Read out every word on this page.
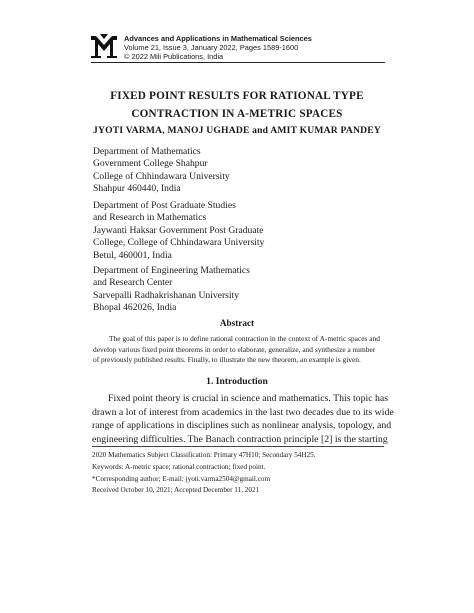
Advances and Applications in Mathematical Sciences
Volume 21, Issue 3, January 2022, Pages 1589-1600
© 2022 Mili Publications, India
FIXED POINT RESULTS FOR RATIONAL TYPE
CONTRACTION IN A-METRIC SPACES
JYOTI VARMA, MANOJ UGHADE and AMIT KUMAR PANDEY
Department of Mathematics
Government College Shahpur
College of Chhindawara University
Shahpur 460440, India
Department of Post Graduate Studies
and Research in Mathematics
Jaywanti Haksar Government Post Graduate
College, College of Chhindawara University
Betul, 460001, India
Department of Engineering Mathematics
and Research Center
Sarvepalli Radhakrishanan University
Bhopal 462026, India
Abstract
The goal of this paper is to define rational contraction in the context of A-metric spaces and
develop various fixed point theorems in order to elaborate, generalize, and synthesize a number
of previously published results. Finally, to illustrate the new theorem, an example is given.
1. Introduction
Fixed point theory is crucial in science and mathematics. This topic has
drawn a lot of interest from academics in the last two decades due to its wide
range of applications in disciplines such as nonlinear analysis, topology, and
engineering difficulties. The Banach contraction principle [2] is the starting
2020 Mathematics Subject Classification: Primary 47H10; Secondary 54H25.
Keywords: A-metric space; rational contraction; fixed point.
*Corresponding author; E-mail: jyoti.varma2504@gmail.com
Received October 10, 2021; Accepted December 11, 2021
